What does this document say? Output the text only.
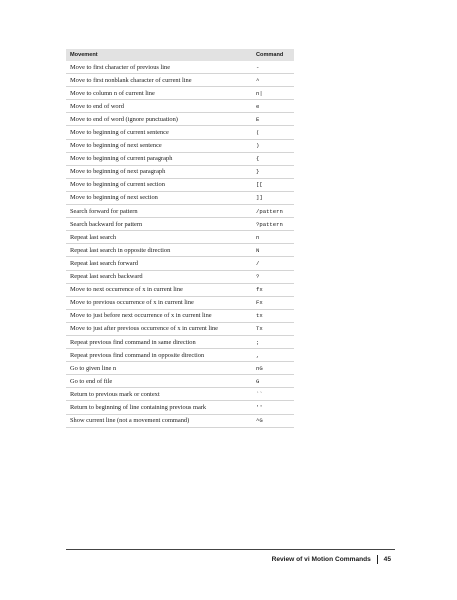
Movement	Command
Move to first character of previous line	-
Move to first nonblank character of current line	^
Move to column n of current line	n|
Move to end of word	e
Move to end of word (ignore punctuation)	E
Move to beginning of current sentence	(
Move to beginning of next sentence	)
Move to beginning of current paragraph	{
Move to beginning of next paragraph	}
Move to beginning of current section	[[
Move to beginning of next section	]]
Search forward for pattern	/pattern
Search backward for pattern	?pattern
Repeat last search	n
Repeat last search in opposite direction	N
Repeat last search forward	/
Repeat last search backward	?
Move to next occurrence of x in current line	fx
Move to previous occurrence of x in current line	Fx
Move to just before next occurrence of x in current line	tx
Move to just after previous occurrence of x in current line	Tx
Repeat previous find command in same direction	;
Repeat previous find command in opposite direction	,
Go to given line n	nG
Go to end of file	G
Return to previous mark or context	``
Return to beginning of line containing previous mark	''
Show current line (not a movement command)	^G
Review of vi Motion Commands 45
